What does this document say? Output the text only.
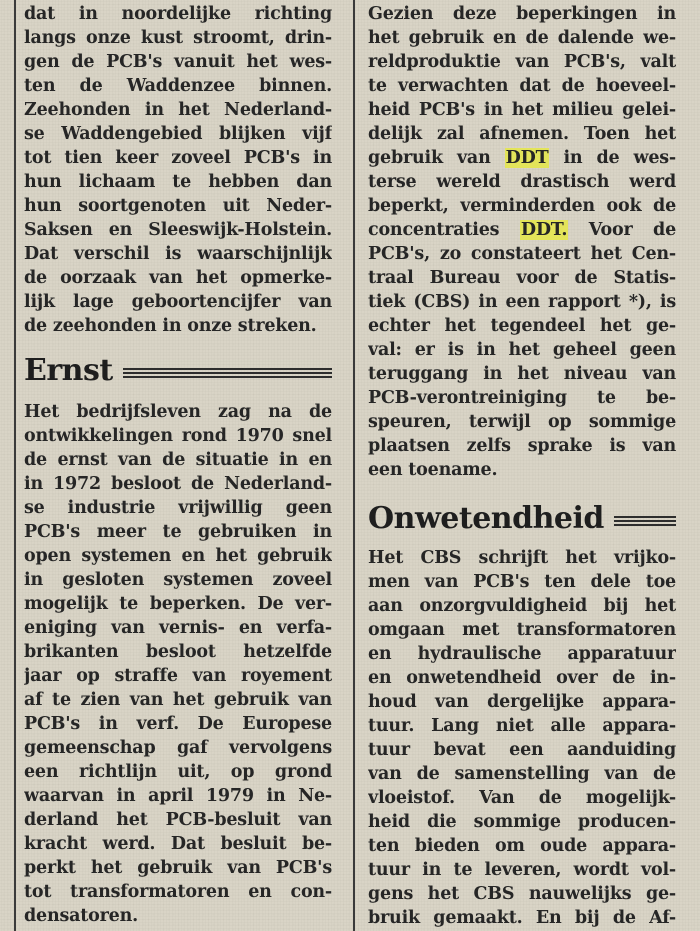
dat in noordelijke richting
langs onze kust stroomt, drin-
gen de PCB's vanuit het wes-
ten de Waddenzee binnen.
Zeehonden in het Nederland-
se Waddengebied blijken vijf
tot tien keer zoveel PCB's in
hun lichaam te hebben dan
hun soortgenoten uit Neder-
Saksen en Sleeswijk-Holstein.
Dat verschil is waarschijnlijk
de oorzaak van het opmerke-
lijk lage geboortencijfer van
de zeehonden in onze streken.
Ernst
Het bedrijfsleven zag na de
ontwikkelingen rond 1970 snel
de ernst van de situatie in en
in 1972 besloot de Nederland-
se industrie vrijwillig geen
PCB's meer te gebruiken in
open systemen en het gebruik
in gesloten systemen zoveel
mogelijk te beperken. De ver-
eniging van vernis- en verfa-
brikanten besloot hetzelfde
jaar op straffe van royement
af te zien van het gebruik van
PCB's in verf. De Europese
gemeenschap gaf vervolgens
een richtlijn uit, op grond
waarvan in april 1979 in Ne-
derland het PCB-besluit van
kracht werd. Dat besluit be-
perkt het gebruik van PCB's
tot transformatoren en con-
densatoren.
Gezien deze beperkingen in
het gebruik en de dalende we-
reldproduktie van PCB's, valt
te verwachten dat de hoeveel-
heid PCB's in het milieu gelei-
delijk zal afnemen. Toen het
gebruik van DDT in de wes-
terse wereld drastisch werd
beperkt, verminderden ook de
concentraties DDT. Voor de
PCB's, zo constateert het Cen-
traal Bureau voor de Statis-
tiek (CBS) in een rapport *), is
echter het tegendeel het ge-
val: er is in het geheel geen
teruggang in het niveau van
PCB-verontreiniging te be-
speuren, terwijl op sommige
plaatsen zelfs sprake is van
een toename.
Onwetendheid
Het CBS schrijft het vrijko-
men van PCB's ten dele toe
aan onzorgvuldigheid bij het
omgaan met transformatoren
en hydraulische apparatuur
en onwetendheid over de in-
houd van dergelijke appara-
tuur. Lang niet alle appara-
tuur bevat een aanduiding
van de samenstelling van de
vloeistof. Van de mogelijk-
heid die sommige producen-
ten bieden om oude appara-
tuur in te leveren, wordt vol-
gens het CBS nauwelijks ge-
bruik gemaakt. En bij de Af-
